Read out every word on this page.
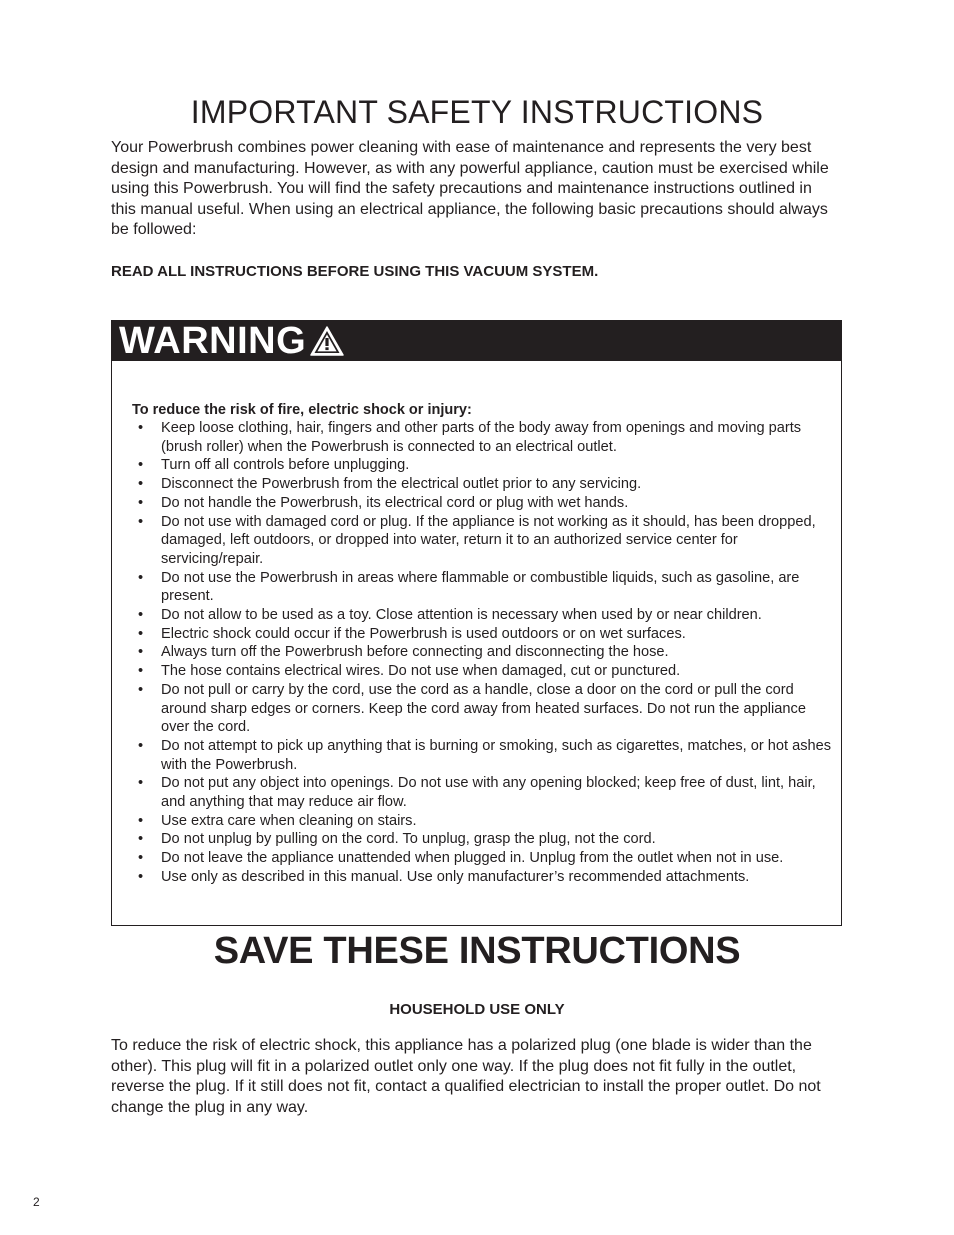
IMPORTANT SAFETY INSTRUCTIONS

Your Powerbrush combines power cleaning with ease of maintenance and represents the very best design and manufacturing. However, as with any powerful appliance, caution must be exercised while using this Powerbrush. You will find the safety precautions and maintenance instructions outlined in this manual useful. When using an electrical appliance, the following basic precautions should always be followed:

READ ALL INSTRUCTIONS BEFORE USING THIS VACUUM SYSTEM.

WARNING

To reduce the risk of fire, electric shock or injury:

• Keep loose clothing, hair, fingers and other parts of the body away from openings and moving parts (brush roller) when the Powerbrush is connected to an electrical outlet.
• Turn off all controls before unplugging.
• Disconnect the Powerbrush from the electrical outlet prior to any servicing.
• Do not handle the Powerbrush, its electrical cord or plug with wet hands.
• Do not use with damaged cord or plug. If the appliance is not working as it should, has been dropped, damaged, left outdoors, or dropped into water, return it to an authorized service center for servicing/repair.
• Do not use the Powerbrush in areas where flammable or combustible liquids, such as gasoline, are present.
• Do not allow to be used as a toy. Close attention is necessary when used by or near children.
• Electric shock could occur if the Powerbrush is used outdoors or on wet surfaces.
• Always turn off the Powerbrush before connecting and disconnecting the hose.
• The hose contains electrical wires. Do not use when damaged, cut or punctured.
• Do not pull or carry by the cord, use the cord as a handle, close a door on the cord or pull the cord around sharp edges or corners. Keep the cord away from heated surfaces. Do not run the appliance over the cord.
• Do not attempt to pick up anything that is burning or smoking, such as cigarettes, matches, or hot ashes with the Powerbrush.
• Do not put any object into openings. Do not use with any opening blocked; keep free of dust, lint, hair, and anything that may reduce air flow.
• Use extra care when cleaning on stairs.
• Do not unplug by pulling on the cord. To unplug, grasp the plug, not the cord.
• Do not leave the appliance unattended when plugged in. Unplug from the outlet when not in use.
• Use only as described in this manual. Use only manufacturer’s recommended attachments.
SAVE THESE INSTRUCTIONS

HOUSEHOLD USE ONLY

To reduce the risk of electric shock, this appliance has a polarized plug (one blade is wider than the other). This plug will fit in a polarized outlet only one way. If the plug does not fit fully in the outlet, reverse the plug. If it still does not fit, contact a qualified electrician to install the proper outlet. Do not change the plug in any way.

2
